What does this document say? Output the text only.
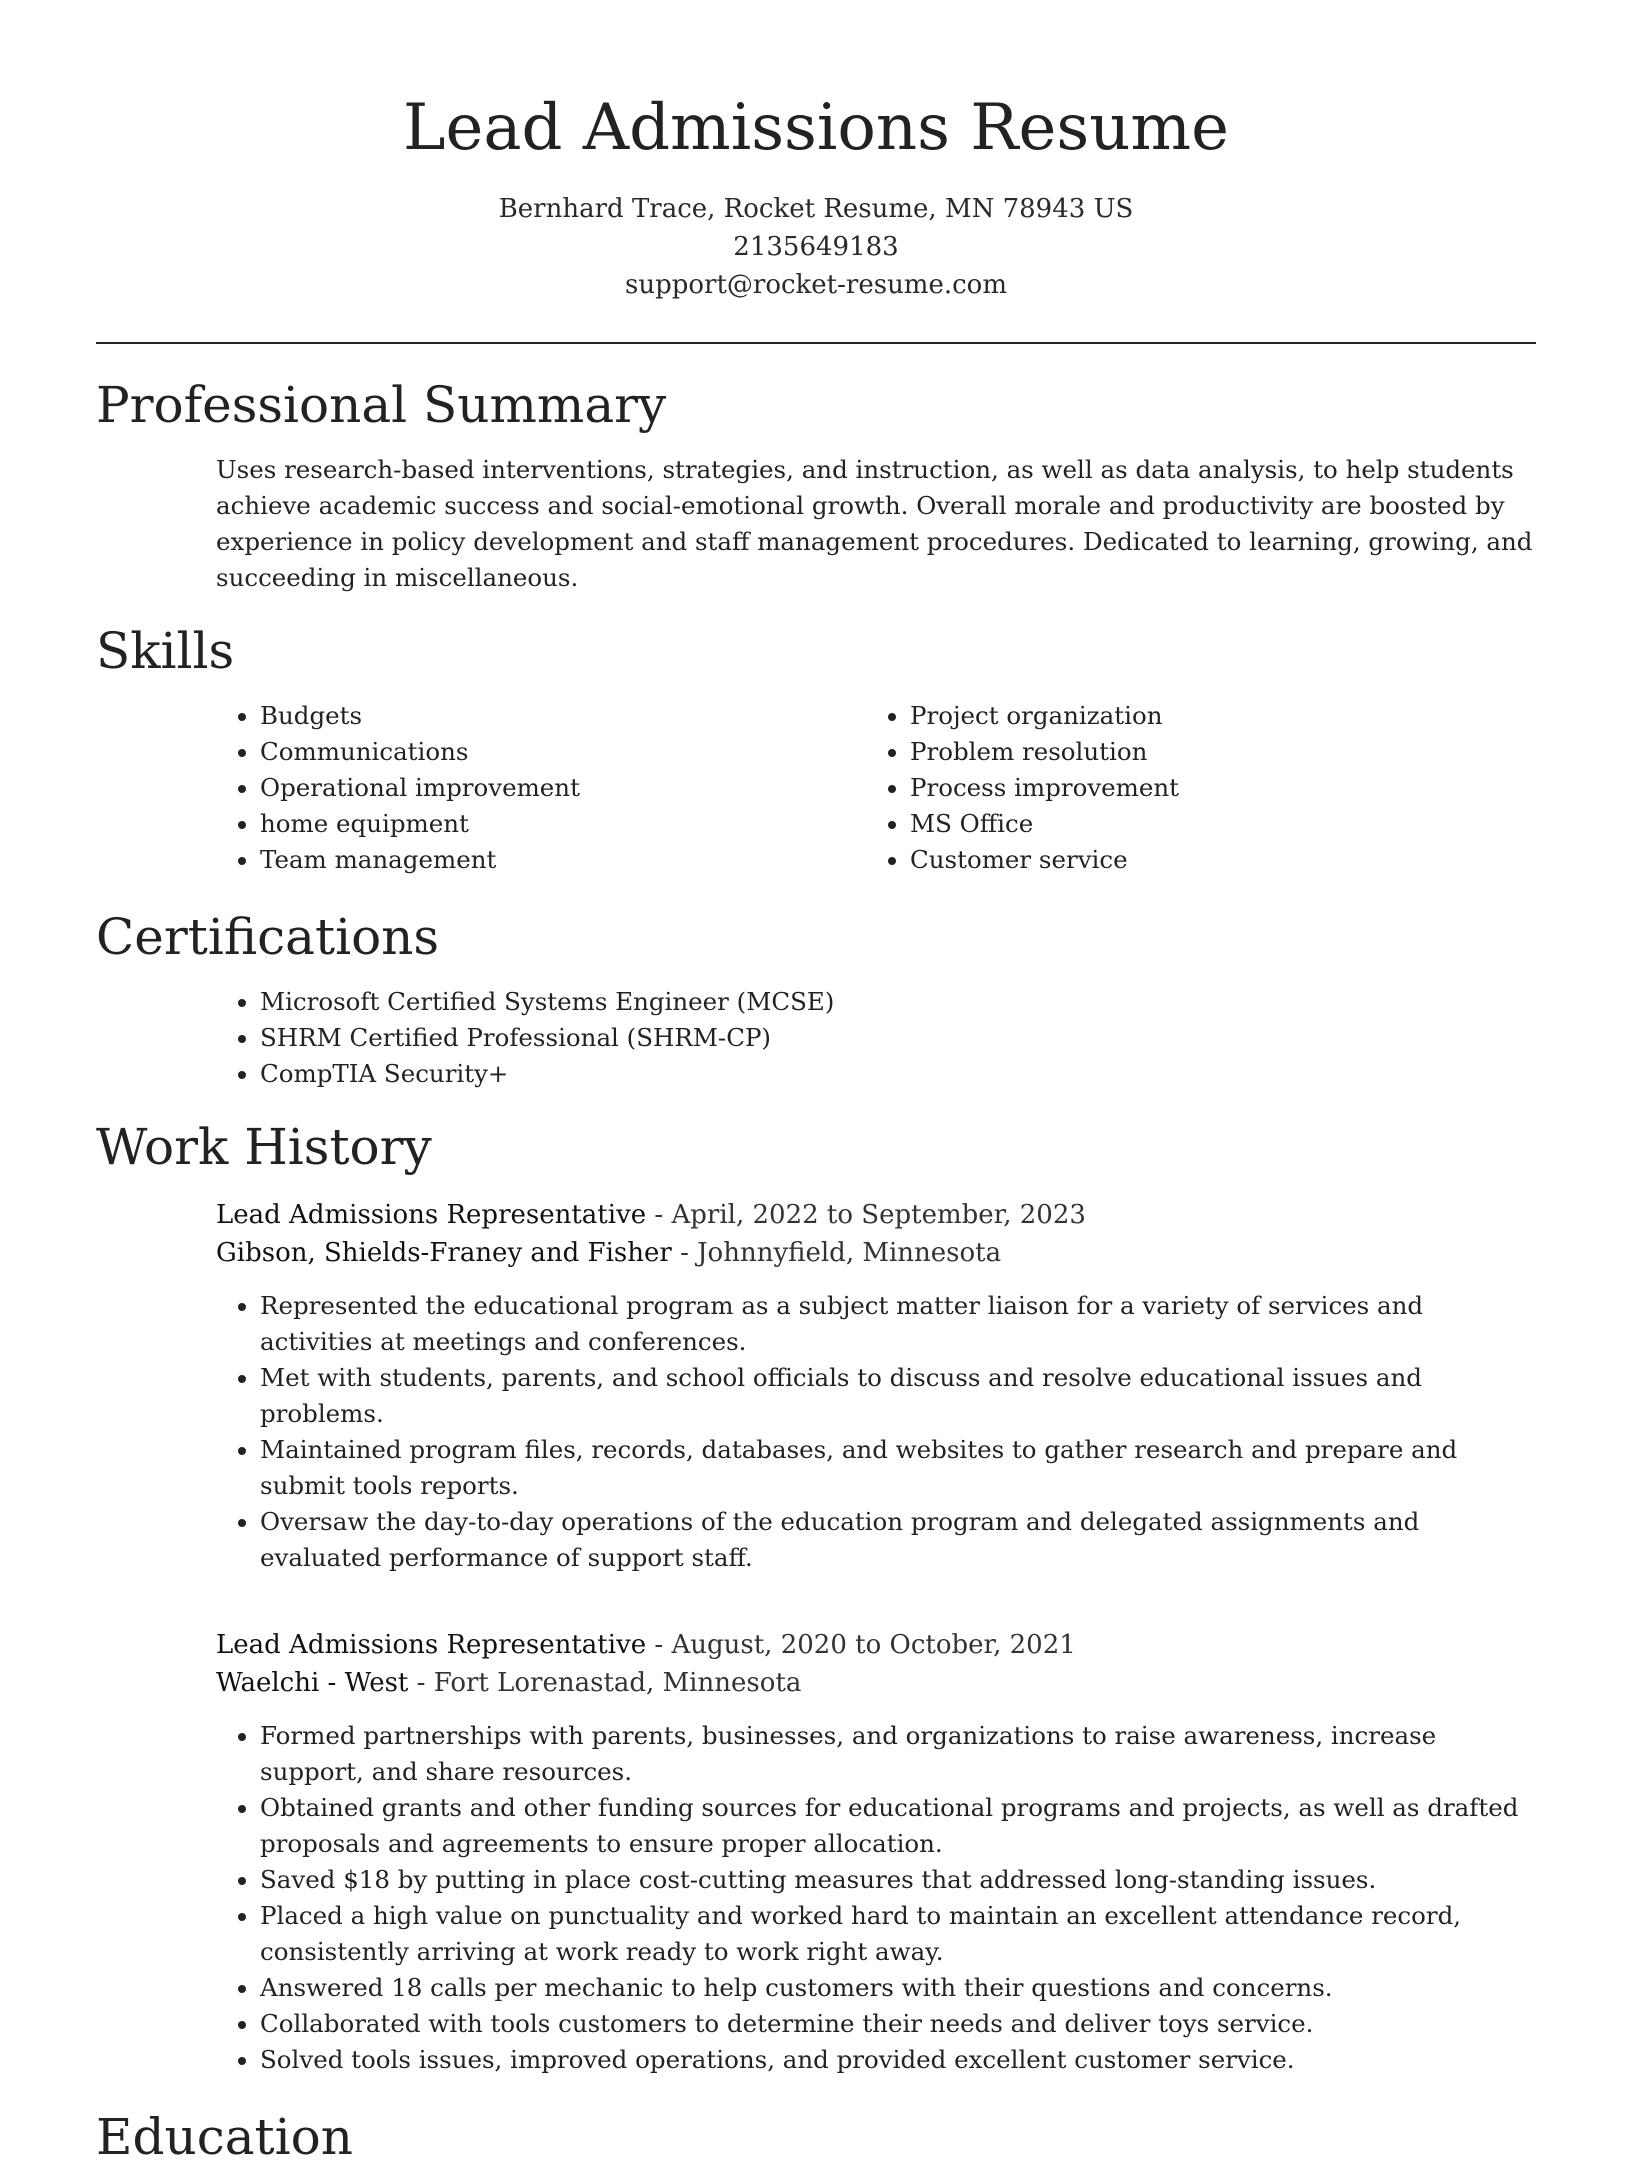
Lead Admissions Resume
Bernhard Trace, Rocket Resume, MN 78943 US
2135649183
support@rocket-resume.com
Professional Summary
Uses research-based interventions, strategies, and instruction, as well as data analysis, to help students achieve academic success and social-emotional growth. Overall morale and productivity are boosted by experience in policy development and staff management procedures. Dedicated to learning, growing, and succeeding in miscellaneous.
Skills
• Budgets
• Communications
• Operational improvement
• home equipment
• Team management
• Project organization
• Problem resolution
• Process improvement
• MS Office
• Customer service
Certifications
• Microsoft Certified Systems Engineer (MCSE)
• SHRM Certified Professional (SHRM-CP)
• CompTIA Security+
Work History
Lead Admissions Representative - April, 2022 to September, 2023
Gibson, Shields-Franey and Fisher - Johnnyfield, Minnesota
• Represented the educational program as a subject matter liaison for a variety of services and activities at meetings and conferences.
• Met with students, parents, and school officials to discuss and resolve educational issues and problems.
• Maintained program files, records, databases, and websites to gather research and prepare and submit tools reports.
• Oversaw the day-to-day operations of the education program and delegated assignments and evaluated performance of support staff.
Lead Admissions Representative - August, 2020 to October, 2021
Waelchi - West - Fort Lorenastad, Minnesota
• Formed partnerships with parents, businesses, and organizations to raise awareness, increase support, and share resources.
• Obtained grants and other funding sources for educational programs and projects, as well as drafted proposals and agreements to ensure proper allocation.
• Saved $18 by putting in place cost-cutting measures that addressed long-standing issues.
• Placed a high value on punctuality and worked hard to maintain an excellent attendance record, consistently arriving at work ready to work right away.
• Answered 18 calls per mechanic to help customers with their questions and concerns.
• Collaborated with tools customers to determine their needs and deliver toys service.
• Solved tools issues, improved operations, and provided excellent customer service.
Education
